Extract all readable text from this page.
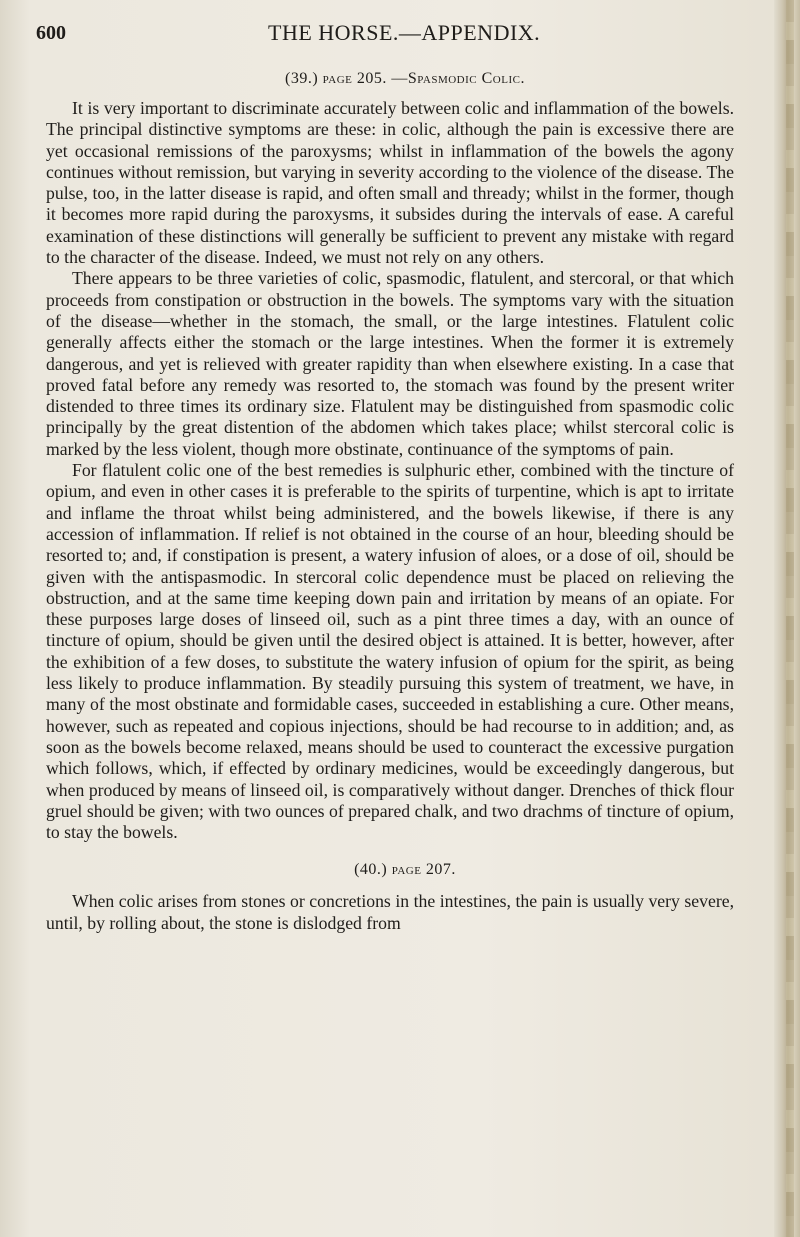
600	THE HORSE.—APPENDIX.
(39.) page 205. —Spasmodic Colic.

It is very important to discriminate accurately between colic and inflammation of the bowels. The principal distinctive symptoms are these: in colic, although the pain is excessive there are yet occasional remissions of the paroxysms; whilst in inflammation of the bowels the agony continues without remission, but varying in severity according to the violence of the disease. The pulse, too, in the latter disease is rapid, and often small and thready; whilst in the former, though it becomes more rapid during the paroxysms, it subsides during the intervals of ease. A careful examination of these distinctions will generally be sufficient to prevent any mistake with regard to the character of the disease. Indeed, we must not rely on any others.

There appears to be three varieties of colic, spasmodic, flatulent, and stercoral, or that which proceeds from constipation or obstruction in the bowels. The symptoms vary with the situation of the disease—whether in the stomach, the small, or the large intestines. Flatulent colic generally affects either the stomach or the large intestines. When the former it is extremely dangerous, and yet is relieved with greater rapidity than when elsewhere existing. In a case that proved fatal before any remedy was resorted to, the stomach was found by the present writer distended to three times its ordinary size. Flatulent may be distinguished from spasmodic colic principally by the great distention of the abdomen which takes place; whilst stercoral colic is marked by the less violent, though more obstinate, continuance of the symptoms of pain.

For flatulent colic one of the best remedies is sulphuric ether, combined with the tincture of opium, and even in other cases it is preferable to the spirits of turpentine, which is apt to irritate and inflame the throat whilst being administered, and the bowels likewise, if there is any accession of inflammation. If relief is not obtained in the course of an hour, bleeding should be resorted to; and, if constipation is present, a watery infusion of aloes, or a dose of oil, should be given with the antispasmodic. In stercoral colic dependence must be placed on relieving the obstruction, and at the same time keeping down pain and irritation by means of an opiate. For these purposes large doses of linseed oil, such as a pint three times a day, with an ounce of tincture of opium, should be given until the desired object is attained. It is better, however, after the exhibition of a few doses, to substitute the watery infusion of opium for the spirit, as being less likely to produce inflammation. By steadily pursuing this system of treatment, we have, in many of the most obstinate and formidable cases, succeeded in establishing a cure. Other means, however, such as repeated and copious injections, should be had recourse to in addition; and, as soon as the bowels become relaxed, means should be used to counteract the excessive purgation which follows, which, if effected by ordinary medicines, would be exceedingly dangerous, but when produced by means of linseed oil, is comparatively without danger. Drenches of thick flour gruel should be given; with two ounces of prepared chalk, and two drachms of tincture of opium, to stay the bowels.

(40.) page 207.

When colic arises from stones or concretions in the intestines, the pain is usually very severe, until, by rolling about, the stone is dislodged from
